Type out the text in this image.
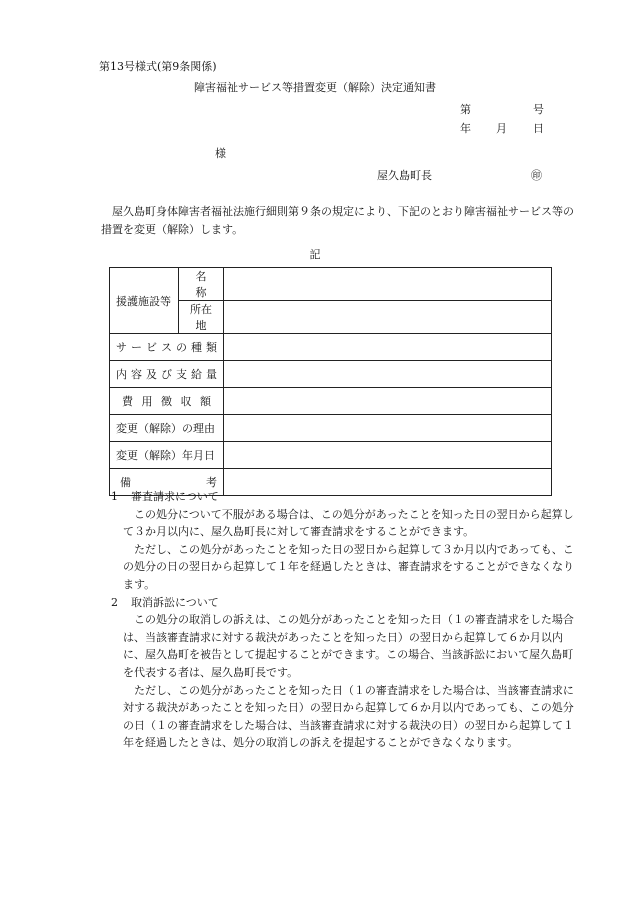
第13号様式(第9条関係)
障害福祉サービス等措置変更（解除）決定通知書
第	号
年 月 日
様
屋久島町長	㊞
屋久島町身体障害者福祉法施行細則第９条の規定により、下記のとおり障害福祉サービス等の措置を変更（解除）します。
記
援護施設等	名　称	
	所在地	
サービスの種類		
内容及び支給量		
費用徴収額		
変更（解除）の理由		
変更（解除）年月日		
備 考		

1 審査請求について

この処分について不服がある場合は、この処分があったことを知った日の翌日から起算して３か月以内に、屋久島町長に対して審査請求をすることができます。

ただし、この処分があったことを知った日の翌日から起算して３か月以内であっても、この処分の日の翌日から起算して１年を経過したときは、審査請求をすることができなくなります。

2 取消訴訟について

この処分の取消しの訴えは、この処分があったことを知った日（１の審査請求をした場合は、当該審査請求に対する裁決があったことを知った日）の翌日から起算して６か月以内に、屋久島町を被告として提起することができます。この場合、当該訴訟において屋久島町を代表する者は、屋久島町長です。

ただし、この処分があったことを知った日（１の審査請求をした場合は、当該審査請求に対する裁決があったことを知った日）の翌日から起算して６か月以内であっても、この処分の日（１の審査請求をした場合は、当該審査請求に対する裁決の日）の翌日から起算して１年を経過したときは、処分の取消しの訴えを提起することができなくなります。
